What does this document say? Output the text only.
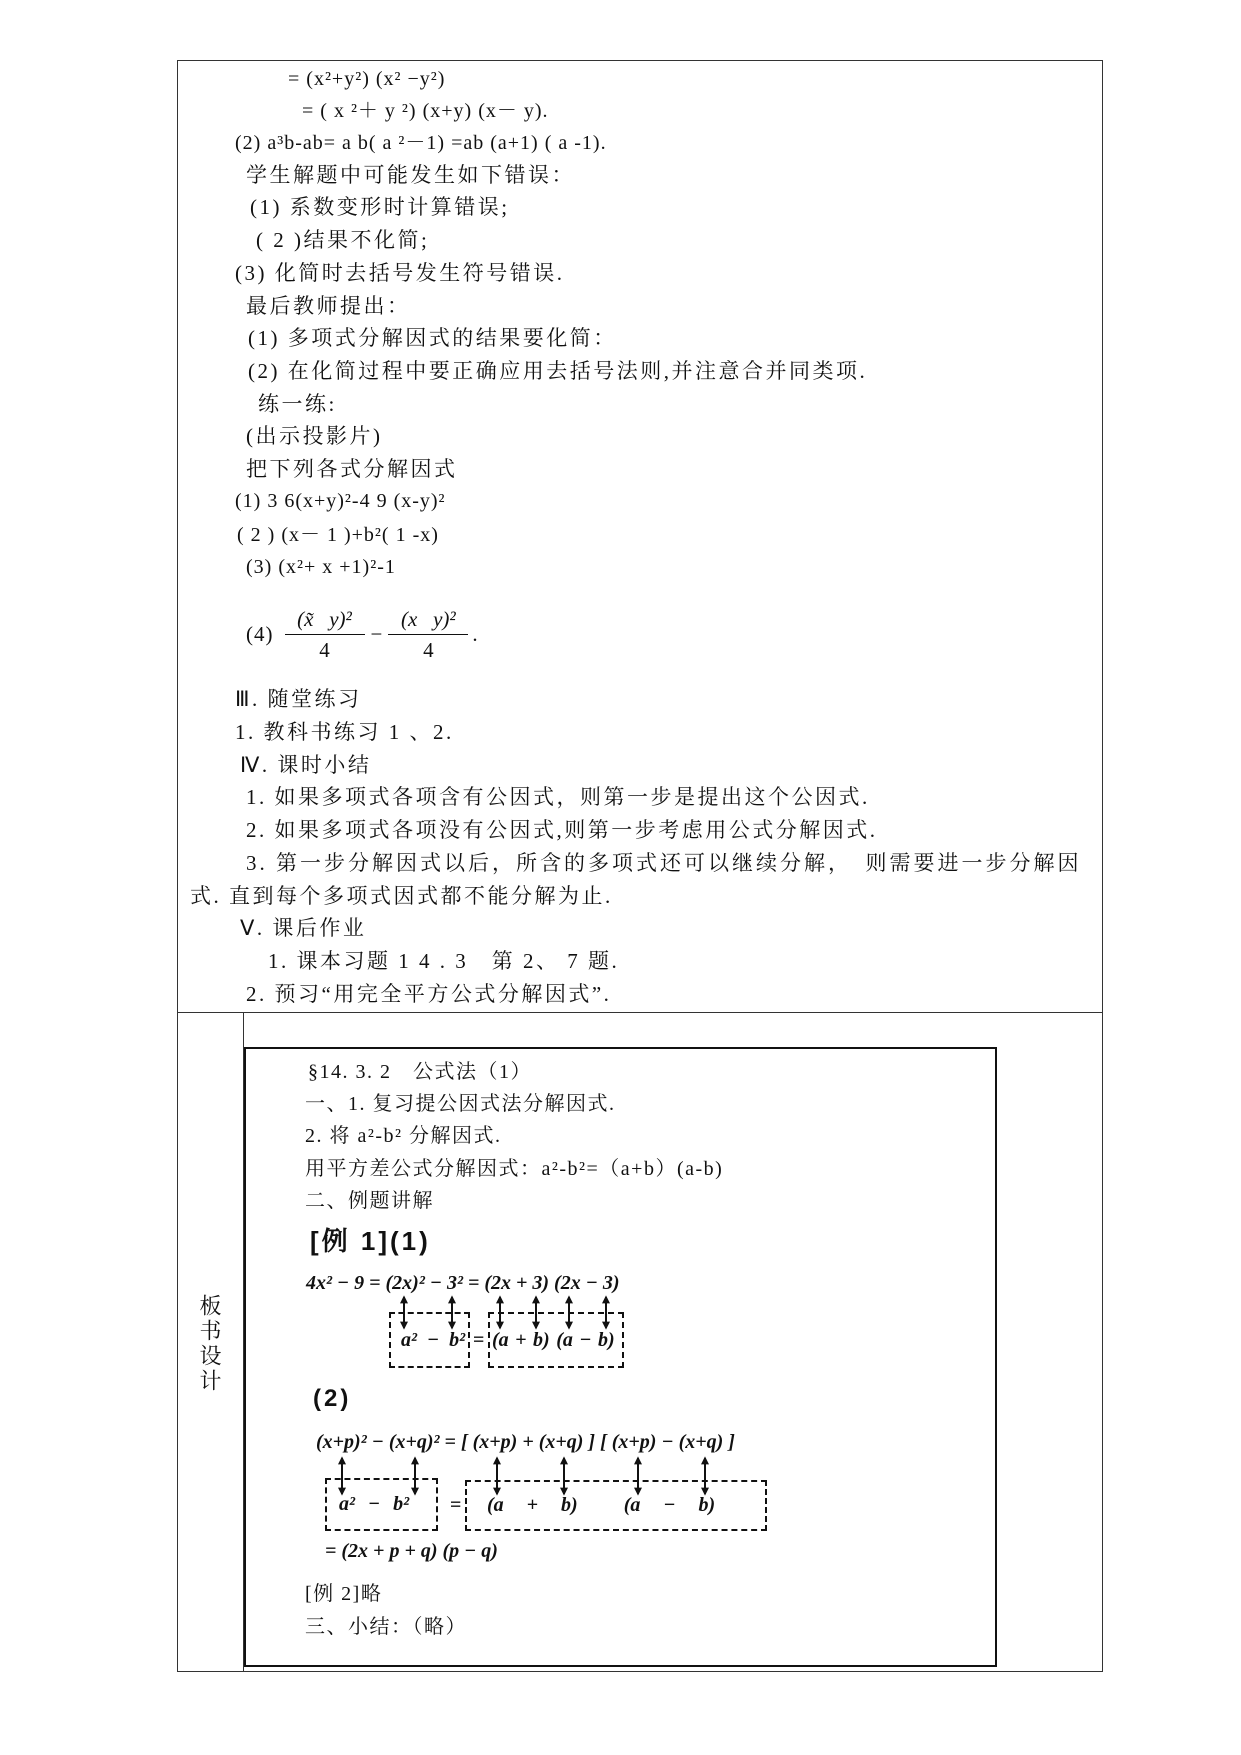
= (x²+y²) (x² −y²)
= ( x ²＋ y ²) (x+y) (x－ y).
(2) a³b-ab= a b( a ²－1) =ab (a+1) ( a -1).
学生解题中可能发生如下错误：
(1) 系数变形时计算错误;
( 2 )结果不化简;
(3) 化简时去括号发生符号错误.
最后教师提出：
(1) 多项式分解因式的结果要化简：
(2) 在化简过程中要正确应用去括号法则,并注意合并同类项.
练一练:
(出示投影片)
把下列各式分解因式
(1) 3 6(x+y)²-4 9 (x-y)²
( 2 ) (x－ 1 )+b²( 1 -x)
(3) (x²+ x +1)²-1
$(4) \frac{\text{(x̃   y)²}}{4} - \frac{\text{(x   y)²}}{4}$ .
Ⅲ. 随堂练习
1. 教科书练习 1 、2.
Ⅳ. 课时小结
1. 如果多项式各项含有公因式，则第一步是提出这个公因式.
2. 如果多项式各项没有公因式,则第一步考虑用公式分解因式.
3. 第一步分解因式以后，所含的多项式还可以继续分解，　则需要进一步分解因
式. 直到每个多项式因式都不能分解为止.
Ⅴ. 课后作业
1. 课本习题 1 4 . 3　第 2、 7 题.
2. 预习“用完全平方公式分解因式”.
板书设计
§14. 3. 2　公式法（1）
一、1. 复习提公因式法分解因式.
2. 将 a²-b² 分解因式.
用平方差公式分解因式：a²-b²=（a+b）(a-b)
二、例题讲解
[例 1](1)
4x² − 9 = (2x)² − 3² = (2x + 3) (2x − 3)
a² − b² = (a + b) (a − b)
(2)
(x+p)² − (x+q)² = [ (x+p) + (x+q) ] [ (x+p) − (x+q) ]
a² − b²	=	(a + b)  (a − b)
= (2x + p + q) (p − q)
[例 2]略
三、小结：（略）
